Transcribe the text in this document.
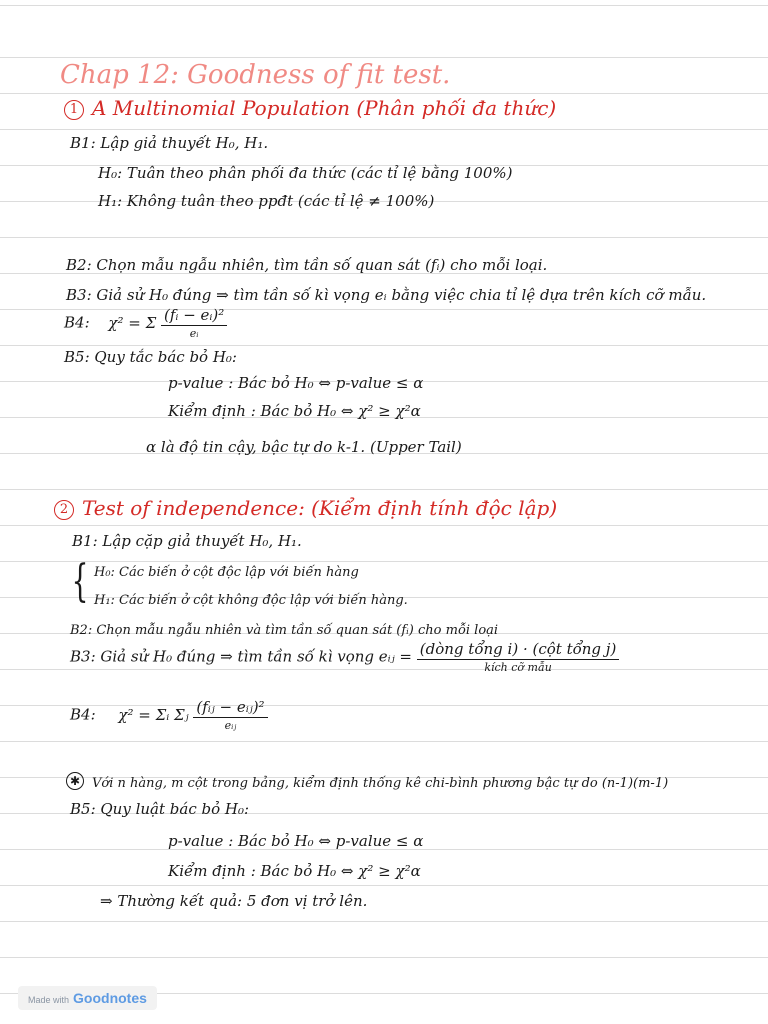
Chap 12: Goodness of fit test.
1 A Multinomial Population (Phân phối đa thức)
B1: Lập giả thuyết H₀, H₁.
H₀: Tuân theo phân phối đa thức (các tỉ lệ bằng 100%)
H₁: Không tuân theo ppđt (các tỉ lệ ≠ 100%)
B2: Chọn mẫu ngẫu nhiên, tìm tần số quan sát (fᵢ) cho mỗi loại.
B3: Giả sử H₀ đúng ⇒ tìm tần số kì vọng eᵢ bằng việc chia tỉ lệ dựa trên kích cỡ mẫu.
B4: χ² = Σ $\frac{\text{(fᵢ − eᵢ)²}}{\text{eᵢ}}$
B5: Quy tắc bác bỏ H₀:
p-value : Bác bỏ H₀ ⇔ p-value ≤ α
Kiểm định : Bác bỏ H₀ ⇔ χ² ≥ χ²α
α là độ tin cậy, bậc tự do k-1. (Upper Tail)
2 Test of independence: (Kiểm định tính độc lập)
B1: Lập cặp giả thuyết H₀, H₁.
{ H₀: Các biến ở cột độc lập với biến hàng
H₁: Các biến ở cột không độc lập với biến hàng.
B2: Chọn mẫu ngẫu nhiên và tìm tần số quan sát (fᵢ) cho mỗi loại
B3: Giả sử H₀ đúng ⇒ tìm tần số kì vọng eᵢⱼ = $\frac{\text{(dòng tổng i) · (cột tổng j)}}{\text{kích cỡ mẫu}}$
B4: χ² = Σᵢ Σⱼ $\frac{\text{(fᵢⱼ − eᵢⱼ)²}}{\text{eᵢⱼ}}$
✱ Với n hàng, m cột trong bảng, kiểm định thống kê chi-bình phương bậc tự do (n-1)(m-1)
B5: Quy luật bác bỏ H₀:
p-value : Bác bỏ H₀ ⇔ p-value ≤ α
Kiểm định : Bác bỏ H₀ ⇔ χ² ≥ χ²α
⇒ Thường kết quả: 5 đơn vị trở lên.
Made with Goodnotes
